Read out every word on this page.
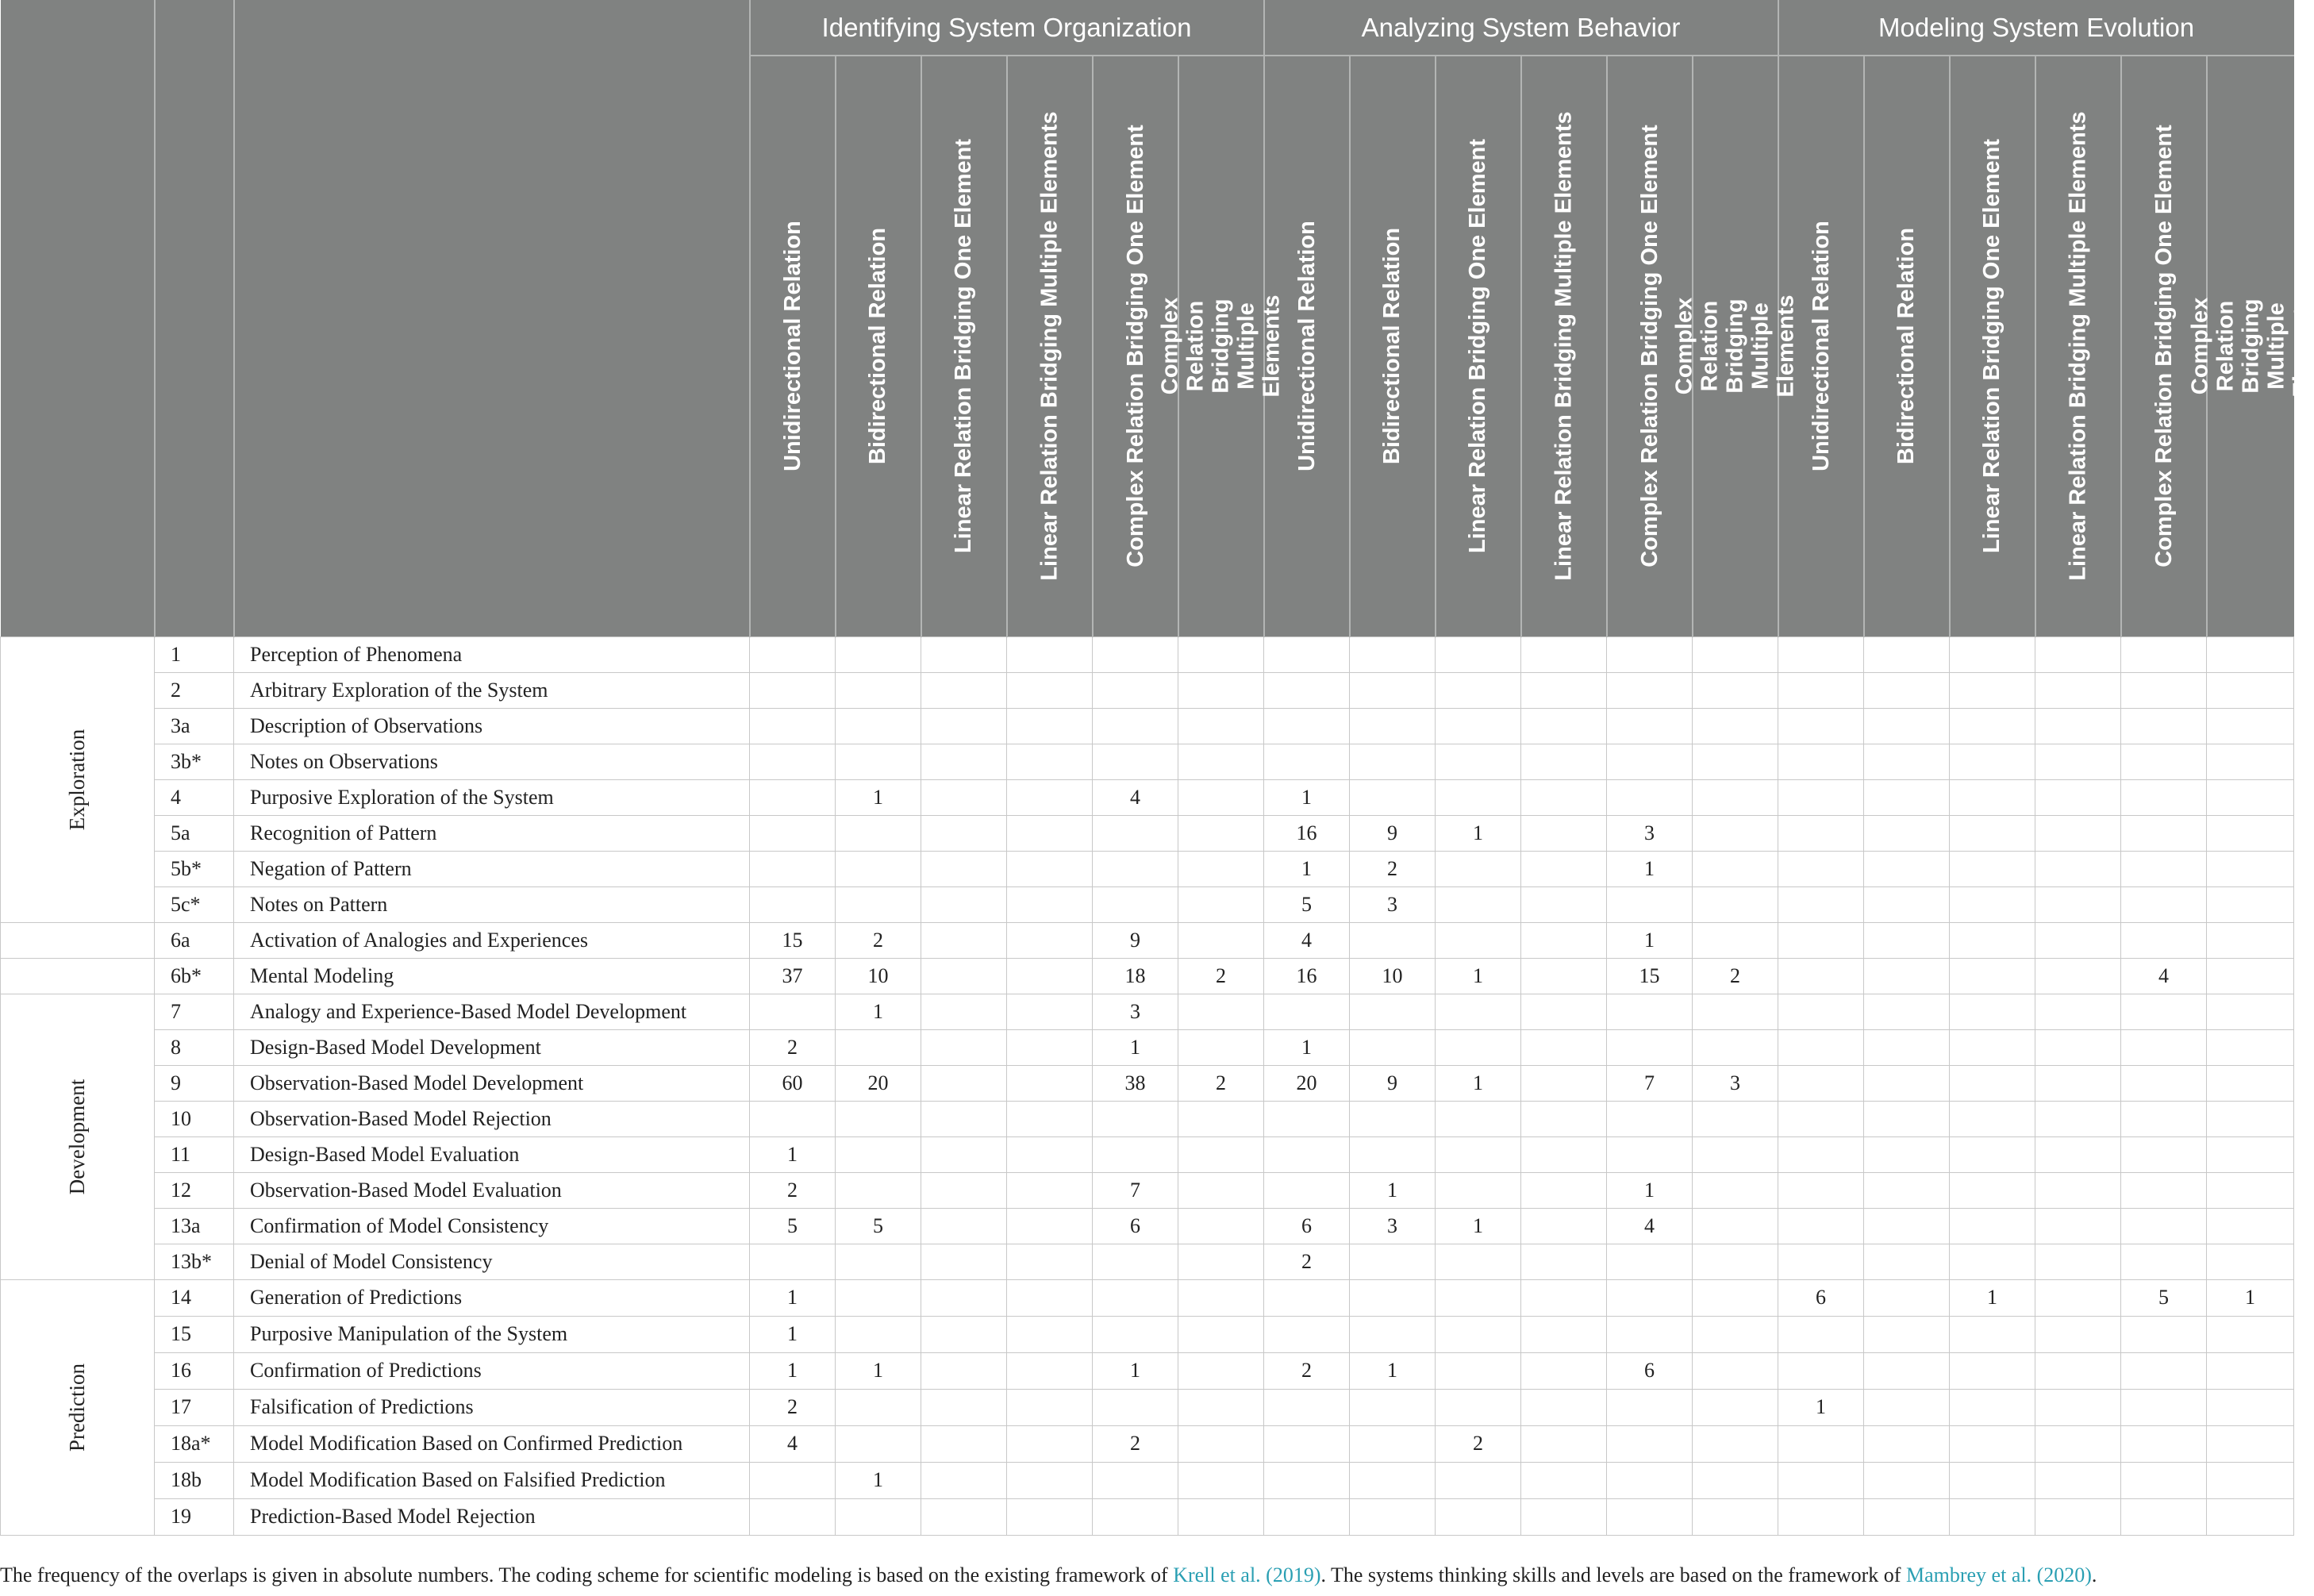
			Identifying System Organization						Analyzing System Behavior						Modeling System Evolution					

			Unidirectional Relation	Bidirectional Relation	Linear Relation Bridging One Element	Linear Relation Bridging Multiple Elements	Complex Relation Bridging One Element	Complex Relation Bridging Multiple Elements	Unidirectional Relation	Bidirectional Relation	Linear Relation Bridging One Element	Linear Relation Bridging Multiple Elements	Complex Relation Bridging One Element	Complex Relation Bridging Multiple Elements	Unidirectional Relation	Bidirectional Relation	Linear Relation Bridging One Element	Linear Relation Bridging Multiple Elements	Complex Relation Bridging One Element	Complex Relation Bridging Multiple Elements

Exploration	1	Perception of Phenomena																		
	2	Arbitrary Exploration of the System																		
	3a	Description of Observations																		
	3b*	Notes on Observations																		
	4	Purposive Exploration of the System		1			4		1											
	5a	Recognition of Pattern							16	9	1		3							
	5b*	Negation of Pattern							1	2			1							
	5c*	Notes on Pattern							5	3										
	6a	Activation of Analogies and Experiences	15	2			9		4				1							
	6b*	Mental Modeling	37	10			18	2	16	10	1		15	2					4	

Development	7	Analogy and Experience-Based Model Development		1			3													
	8	Design-Based Model Development	2				1		1											
	9	Observation-Based Model Development	60	20			38	2	20	9	1		7	3						
	10	Observation-Based Model Rejection																		
	11	Design-Based Model Evaluation	1																	
	12	Observation-Based Model Evaluation	2				7			1			1							
	13a	Confirmation of Model Consistency	5	5			6		6	3	1		4							
	13b*	Denial of Model Consistency							2											

Prediction	14	Generation of Predictions	1												6		1		5	1
	15	Purposive Manipulation of the System	1																	
	16	Confirmation of Predictions	1	1			1		2	1			6							
	17	Falsification of Predictions	2												1					
	18a*	Model Modification Based on Confirmed Prediction	4				2				2									
	18b	Model Modification Based on Falsified Prediction		1																
	19	Prediction-Based Model Rejection																		
The frequency of the overlaps is given in absolute numbers. The coding scheme for scientific modeling is based on the existing framework of Krell et al. (2019). The systems thinking skills and levels are based on the framework of Mambrey et al. (2020).
